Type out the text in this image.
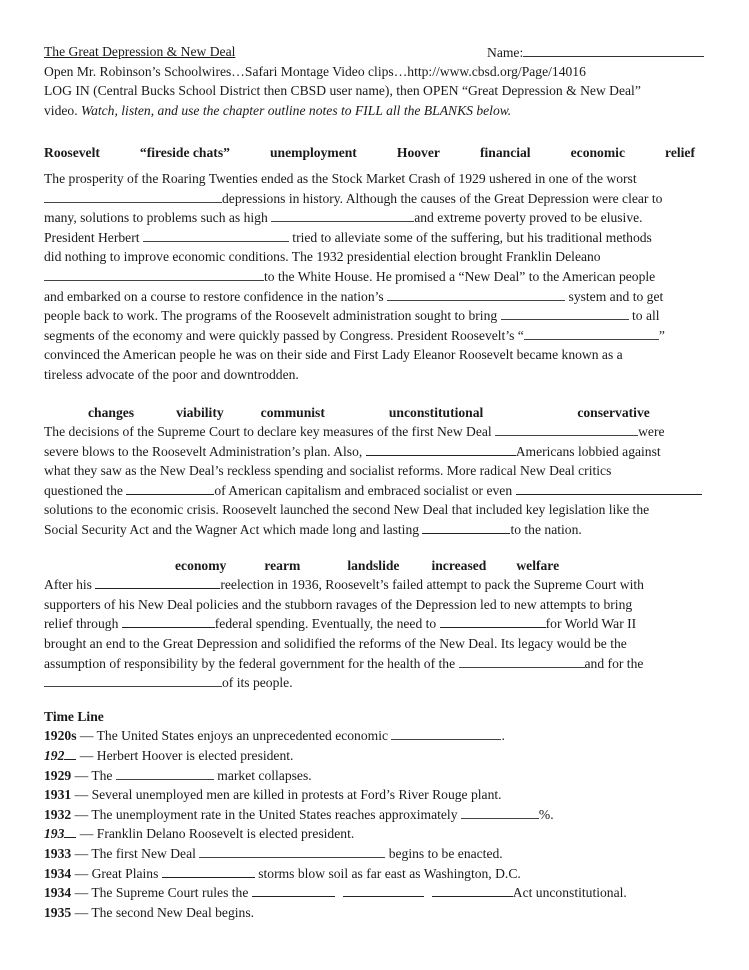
The Great Depression & New Deal	Name:
Open Mr. Robinson’s Schoolwires…Safari Montage Video clips…http://www.cbsd.org/Page/14016
LOG IN (Central Bucks School District then CBSD user name), then OPEN “Great Depression & New Deal”
video. Watch, listen, and use the chapter outline notes to FILL all the BLANKS below.
Roosevelt	“fireside chats”	unemployment	Hoover	financial	economic	relief
The prosperity of the Roaring Twenties ended as the Stock Market Crash of 1929 ushered in one of the worst
depressions in history. Although the causes of the Great Depression were clear to
many, solutions to problems such as high	and extreme poverty proved to be elusive.
President Herbert	tried to alleviate some of the suffering, but his traditional methods
did nothing to improve economic conditions. The 1932 presidential election brought Franklin Deleano
to the White House. He promised a “New Deal” to the American people
and embarked on a course to restore confidence in the nation’s	system and to get
people back to work. The programs of the Roosevelt administration sought to bring	to all
segments of the economy and were quickly passed by Congress. President Roosevelt’s “	”
convinced the American people he was on their side and First Lady Eleanor Roosevelt became known as a
tireless advocate of the poor and downtrodden.
changes	viability	communist	unconstitutional	conservative
The decisions of the Supreme Court to declare key measures of the first New Deal	were
severe blows to the Roosevelt Administration’s plan. Also,	Americans lobbied against
what they saw as the New Deal’s reckless spending and socialist reforms. More radical New Deal critics
questioned the	of American capitalism and embraced socialist or even
solutions to the economic crisis. Roosevelt launched the second New Deal that included key legislation like the
Social Security Act and the Wagner Act which made long and lasting	to the nation.
economy	rearm	landslide increased welfare
After his	reelection in 1936, Roosevelt’s failed attempt to pack the Supreme Court with
supporters of his New Deal policies and the stubborn ravages of the Depression led to new attempts to bring
relief through	federal spending. Eventually, the need to	for World War II
brought an end to the Great Depression and solidified the reforms of the New Deal. Its legacy would be the
assumption of responsibility by the federal government for the health of the	and for the
of its people.
Time Line
1920s — The United States enjoys an unprecedented economic	.
192 — Herbert Hoover is elected president.
1929 — The	market collapses.
1931 — Several unemployed men are killed in protests at Ford’s River Rouge plant.
1932 — The unemployment rate in the United States reaches approximately	%.
193 — Franklin Delano Roosevelt is elected president.
1933 — The first New Deal	begins to be enacted.
1934 — Great Plains	storms blow soil as far east as Washington, D.C.
1934 — The Supreme Court rules the	Act unconstitutional.
1935 — The second New Deal begins.
